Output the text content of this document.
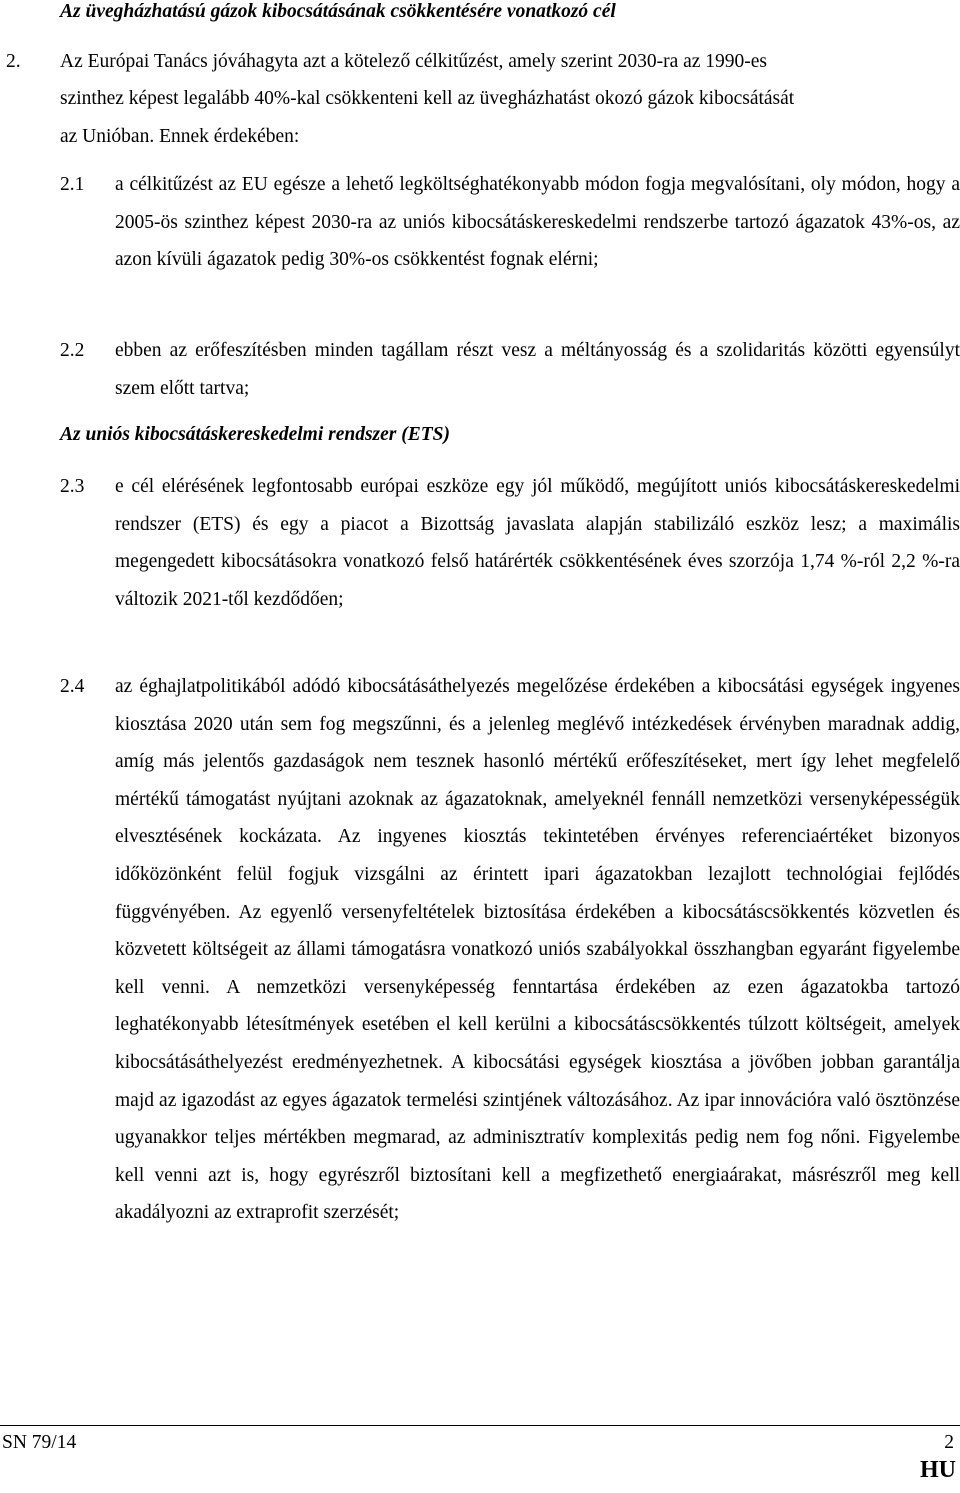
Az üvegházhatású gázok kibocsátásának csökkentésére vonatkozó cél
2. Az Európai Tanács jóváhagyta azt a kötelező célkitűzést, amely szerint 2030-ra az 1990-es
szinthez képest legalább 40%-kal csökkenteni kell az üvegházhatást okozó gázok kibocsátását
az Unióban. Ennek érdekében:
2.1 a célkitűzést az EU egésze a lehető legköltséghatékonyabb módon fogja megvalósítani, oly módon, hogy a 2005-ös szinthez képest 2030-ra az uniós kibocsátáskereskedelmi rendszerbe tartozó ágazatok 43%-os, az azon kívüli ágazatok pedig 30%-os csökkentést fognak elérni;
2.2 ebben az erőfeszítésben minden tagállam részt vesz a méltányosság és a szolidaritás közötti egyensúlyt szem előtt tartva;
Az uniós kibocsátáskereskedelmi rendszer (ETS)
2.3 e cél elérésének legfontosabb európai eszköze egy jól működő, megújított uniós kibocsátáskereskedelmi rendszer (ETS) és egy a piacot a Bizottság javaslata alapján stabilizáló eszköz lesz; a maximális megengedett kibocsátásokra vonatkozó felső határérték csökkentésének éves szorzója 1,74 %-ról 2,2 %-ra változik 2021-től kezdődően;
2.4 az éghajlatpolitikából adódó kibocsátásáthelyezés megelőzése érdekében a kibocsátási egységek ingyenes kiosztása 2020 után sem fog megszűnni, és a jelenleg meglévő intézkedések érvényben maradnak addig, amíg más jelentős gazdaságok nem tesznek hasonló mértékű erőfeszítéseket, mert így lehet megfelelő mértékű támogatást nyújtani azoknak az ágazatoknak, amelyeknél fennáll nemzetközi versenyképességük elvesztésének kockázata. Az ingyenes kiosztás tekintetében érvényes referenciaértéket bizonyos időközönként felül fogjuk vizsgálni az érintett ipari ágazatokban lezajlott technológiai fejlődés függvényében. Az egyenlő versenyfeltételek biztosítása érdekében a kibocsátáscsökkentés közvetlen és közvetett költségeit az állami támogatásra vonatkozó uniós szabályokkal összhangban egyaránt figyelembe kell venni. A nemzetközi versenyképesség fenntartása érdekében az ezen ágazatokba tartozó leghatékonyabb létesítmények esetében el kell kerülni a kibocsátáscsökkentés túlzott költségeit, amelyek kibocsátásáthelyezést eredményezhetnek. A kibocsátási egységek kiosztása a jövőben jobban garantálja majd az igazodást az egyes ágazatok termelési szintjének változásához. Az ipar innovációra való ösztönzése ugyanakkor teljes mértékben megmarad, az adminisztratív komplexitás pedig nem fog nőni. Figyelembe kell venni azt is, hogy egyrészről biztosítani kell a megfizethető energiaárakat, másrészről meg kell akadályozni az extraprofit szerzését;
SN 79/14	2
HU
